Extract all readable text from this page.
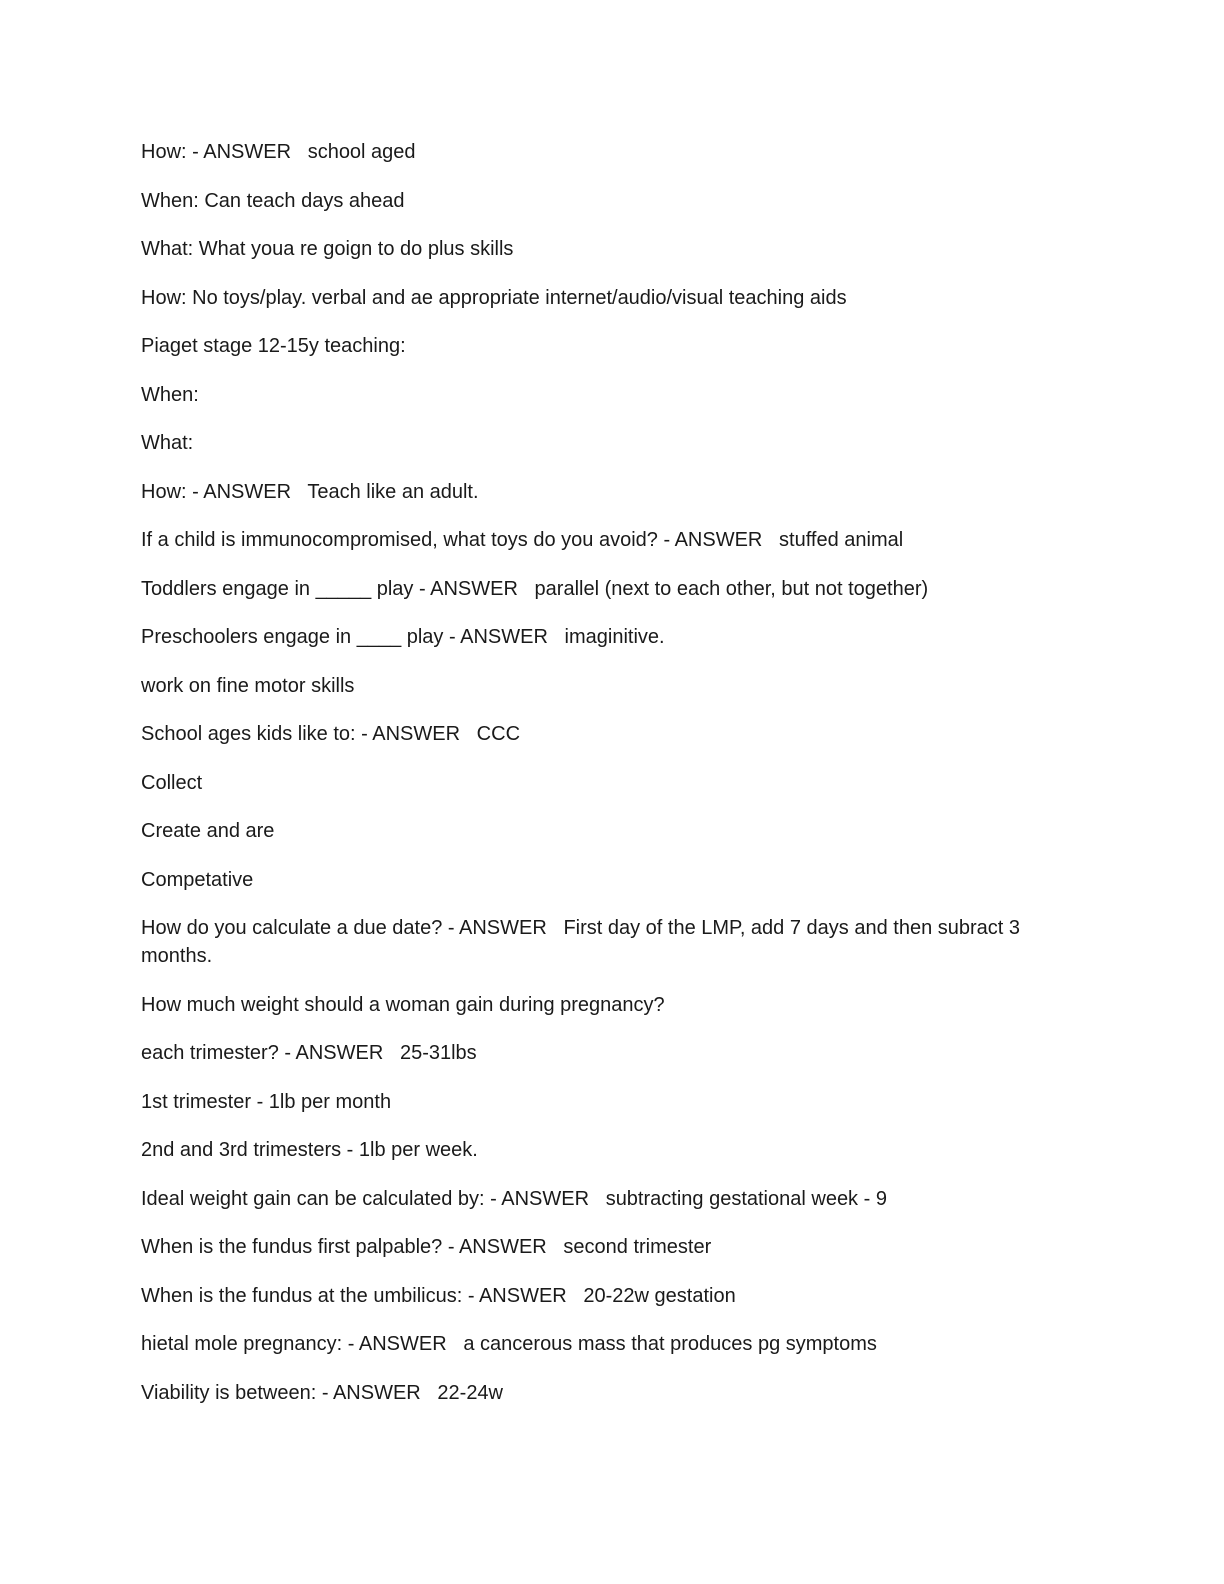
How: - ANSWER   school aged

When: Can teach days ahead

What: What youa re goign to do plus skills

How: No toys/play. verbal and ae appropriate internet/audio/visual teaching aids

Piaget stage 12-15y teaching:

When:

What:

How: - ANSWER   Teach like an adult.

If a child is immunocompromised, what toys do you avoid? - ANSWER   stuffed animal

Toddlers engage in _____ play - ANSWER   parallel (next to each other, but not together)

Preschoolers engage in ____ play - ANSWER   imaginitive.

work on fine motor skills

School ages kids like to: - ANSWER   CCC

Collect

Create and are

Competative

How do you calculate a due date? - ANSWER   First day of the LMP, add 7 days and then subract 3 months.

How much weight should a woman gain during pregnancy?

each trimester? - ANSWER   25-31lbs

1st trimester - 1lb per month

2nd and 3rd trimesters - 1lb per week.

Ideal weight gain can be calculated by: - ANSWER   subtracting gestational week - 9

When is the fundus first palpable? - ANSWER   second trimester

When is the fundus at the umbilicus: - ANSWER   20-22w gestation

hietal mole pregnancy: - ANSWER   a cancerous mass that produces pg symptoms

Viability is between: - ANSWER   22-24w
